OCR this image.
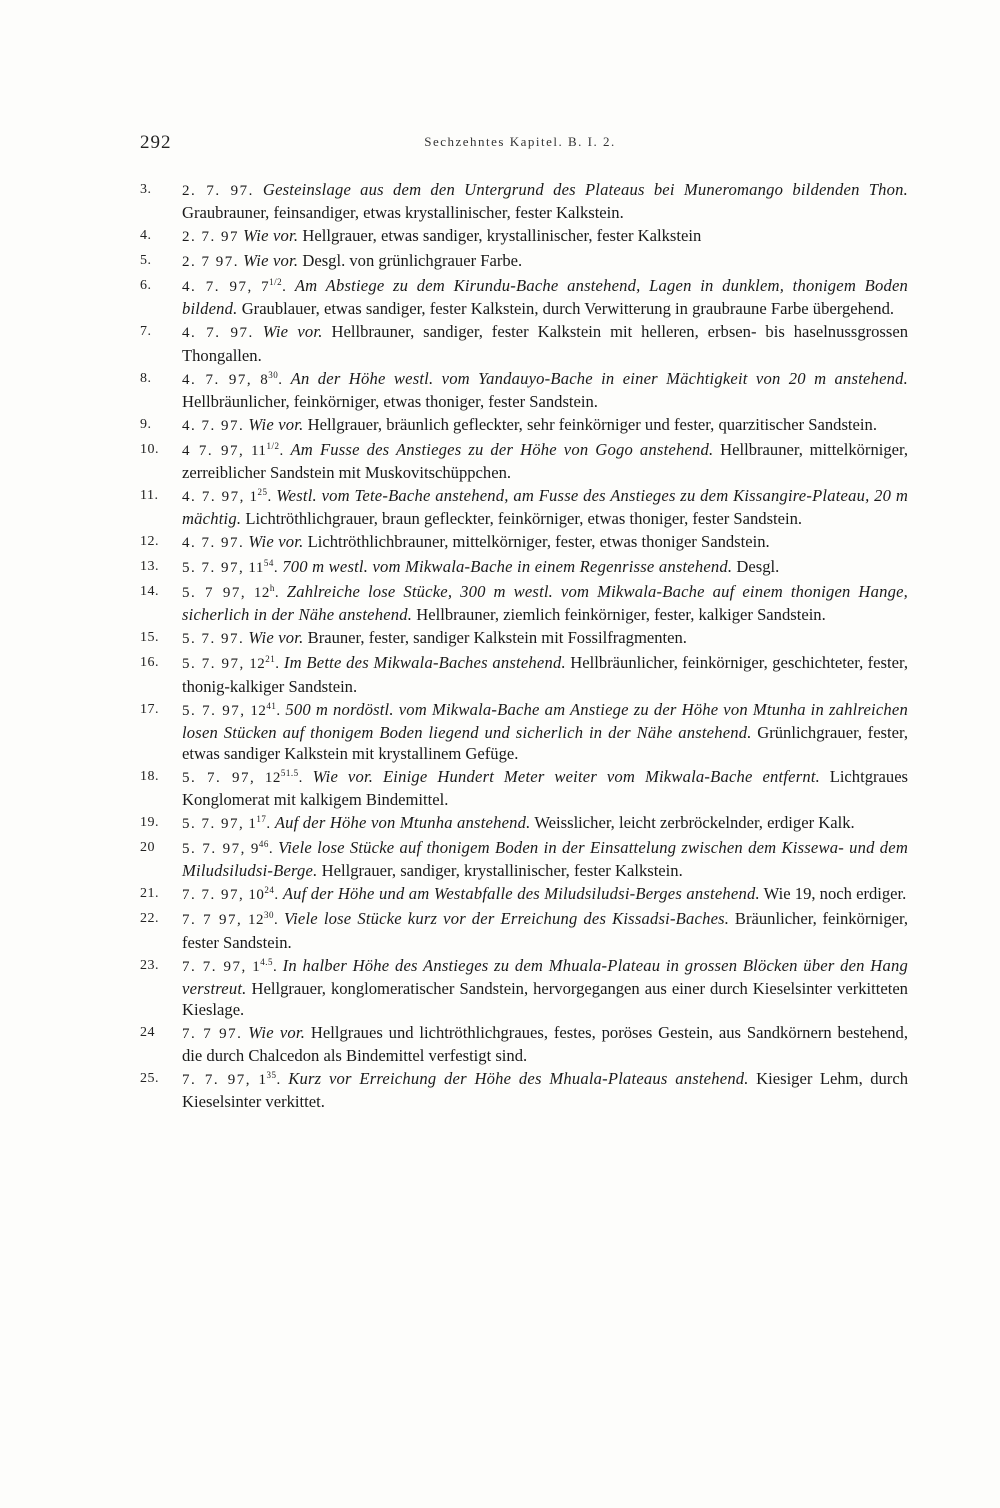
292	Sechzehntes Kapitel. B. I. 2.
3.	2. 7. 97. Gesteinslage aus dem den Untergrund des Plateaus bei Muneromango bildenden Thon. Graubrauner, feinsandiger, etwas krystallinischer, fester Kalkstein.
4.	2. 7. 97 Wie vor. Hellgrauer, etwas sandiger, krystallinischer, fester Kalkstein
5.	2. 7 97. Wie vor. Desgl. von grünlichgrauer Farbe.
6.	4. 7. 97, $7^{1/2}$. Am Abstiege zu dem Kirundu-Bache anstehend, Lagen in dunklem, thonigem Boden bildend. Graublauer, etwas sandiger, fester Kalkstein, durch Verwitterung in graubraune Farbe übergehend.
7.	4. 7. 97. Wie vor. Hellbrauner, sandiger, fester Kalkstein mit helleren, erbsen- bis haselnussgrossen Thongallen.
8.	4. 7. 97, $8^{30}$. An der Höhe westl. vom Yandauyo-Bache in einer Mächtigkeit von 20 m anstehend. Hellbräunlicher, feinkörniger, etwas thoniger, fester Sandstein.
9.	4. 7. 97. Wie vor. Hellgrauer, bräunlich gefleckter, sehr feinkörniger und fester, quarzitischer Sandstein.
10.	4 7. 97, $11^{1/2}$. Am Fusse des Anstieges zu der Höhe von Gogo anstehend. Hellbrauner, mittelkörniger, zerreiblicher Sandstein mit Muskovitschüppchen.
11.	4. 7. 97, $1^{25}$. Westl. vom Tete-Bache anstehend, am Fusse des Anstieges zu dem Kissangire-Plateau, 20 m mächtig. Lichtröthlichgrauer, braun gefleckter, feinkörniger, etwas thoniger, fester Sandstein.
12.	4. 7. 97. Wie vor. Lichtröthlichbrauner, mittelkörniger, fester, etwas thoniger Sandstein.
13.	5. 7. 97, $11^{54}$. 700 m westl. vom Mikwala-Bache in einem Regenrisse anstehend. Desgl.
14.	5. 7 97, 12$^h$. Zahlreiche lose Stücke, 300 m westl. vom Mikwala-Bache auf einem thonigen Hange, sicherlich in der Nähe anstehend. Hellbrauner, ziemlich feinkörniger, fester, kalkiger Sandstein.
15.	5. 7. 97. Wie vor. Brauner, fester, sandiger Kalkstein mit Fossilfragmenten.
16.	5. 7. 97, $12^{21}$. Im Bette des Mikwala-Baches anstehend. Hellbräunlicher, feinkörniger, geschichteter, fester, thonig-kalkiger Sandstein.
17.	5. 7. 97, $12^{41}$. 500 m nordöstl. vom Mikwala-Bache am Anstiege zu der Höhe von Mtunha in zahlreichen losen Stücken auf thonigem Boden liegend und sicherlich in der Nähe anstehend. Grünlichgrauer, fester, etwas sandiger Kalkstein mit krystallinem Gefüge.
18.	5. 7. 97, $12^{51.5}$. Wie vor. Einige Hundert Meter weiter vom Mikwala-Bache entfernt. Lichtgraues Konglomerat mit kalkigem Bindemittel.
19.	5. 7. 97, $1^{17}$. Auf der Höhe von Mtunha anstehend. Weisslicher, leicht zerbröckelnder, erdiger Kalk.
20	5. 7. 97, $9^{46}$. Viele lose Stücke auf thonigem Boden in der Einsattelung zwischen dem Kissewa- und dem Miludsiludsi-Berge. Hellgrauer, sandiger, krystallinischer, fester Kalkstein.
21.	7. 7. 97, $10^{24}$. Auf der Höhe und am Westabfalle des Miludsiludsi-Berges anstehend. Wie 19, noch erdiger.
22.	7. 7 97, $12^{30}$. Viele lose Stücke kurz vor der Erreichung des Kissadsi-Baches. Bräunlicher, feinkörniger, fester Sandstein.
23.	7. 7. 97, $1^{4.5}$. In halber Höhe des Anstieges zu dem Mhuala-Plateau in grossen Blöcken über den Hang verstreut. Hellgrauer, konglomeratischer Sandstein, hervorgegangen aus einer durch Kieselsinter verkitteten Kieslage.
24	7. 7 97. Wie vor. Hellgraues und lichtröthlichgraues, festes, poröses Gestein, aus Sandkörnern bestehend, die durch Chalcedon als Bindemittel verfestigt sind.
25.	7. 7. 97, $1^{35}$. Kurz vor Erreichung der Höhe des Mhuala-Plateaus anstehend. Kiesiger Lehm, durch Kieselsinter verkittet.
